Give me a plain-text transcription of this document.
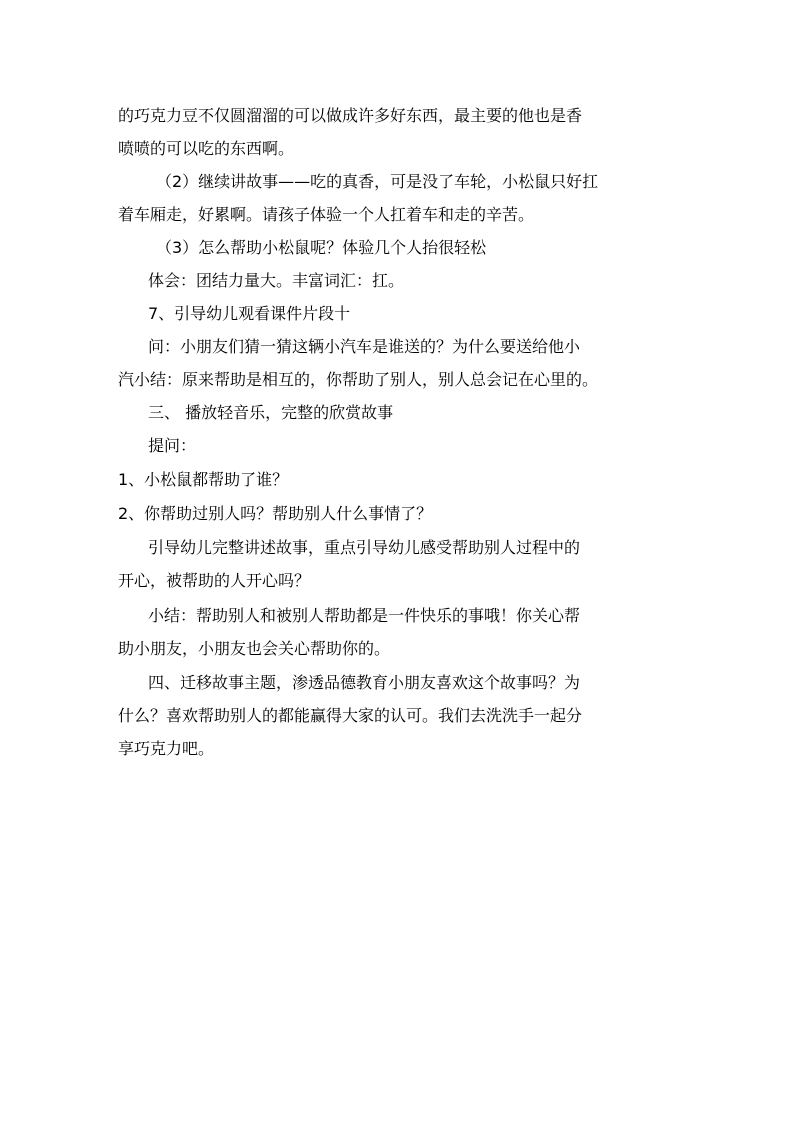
的巧克力豆不仅圆溜溜的可以做成许多好东西，最主要的他也是香
喷喷的可以吃的东西啊。
（2）继续讲故事——吃的真香，可是没了车轮，小松鼠只好扛
着车厢走，好累啊。请孩子体验一个人扛着车和走的辛苦。
（3）怎么帮助小松鼠呢？体验几个人抬很轻松
体会：团结力量大。丰富词汇：扛。
7、引导幼儿观看课件片段十
问：小朋友们猜一猜这辆小汽车是谁送的？为什么要送给他小
汽小结：原来帮助是相互的，你帮助了别人，别人总会记在心里的。
三、 播放轻音乐，完整的欣赏故事
提问：
1、小松鼠都帮助了谁？
2、你帮助过别人吗？帮助别人什么事情了？
引导幼儿完整讲述故事，重点引导幼儿感受帮助别人过程中的
开心，被帮助的人开心吗？
小结：帮助别人和被别人帮助都是一件快乐的事哦！你关心帮
助小朋友，小朋友也会关心帮助你的。
四、迁移故事主题，渗透品德教育小朋友喜欢这个故事吗？为
什么？喜欢帮助别人的都能赢得大家的认可。我们去洗洗手一起分
享巧克力吧。
